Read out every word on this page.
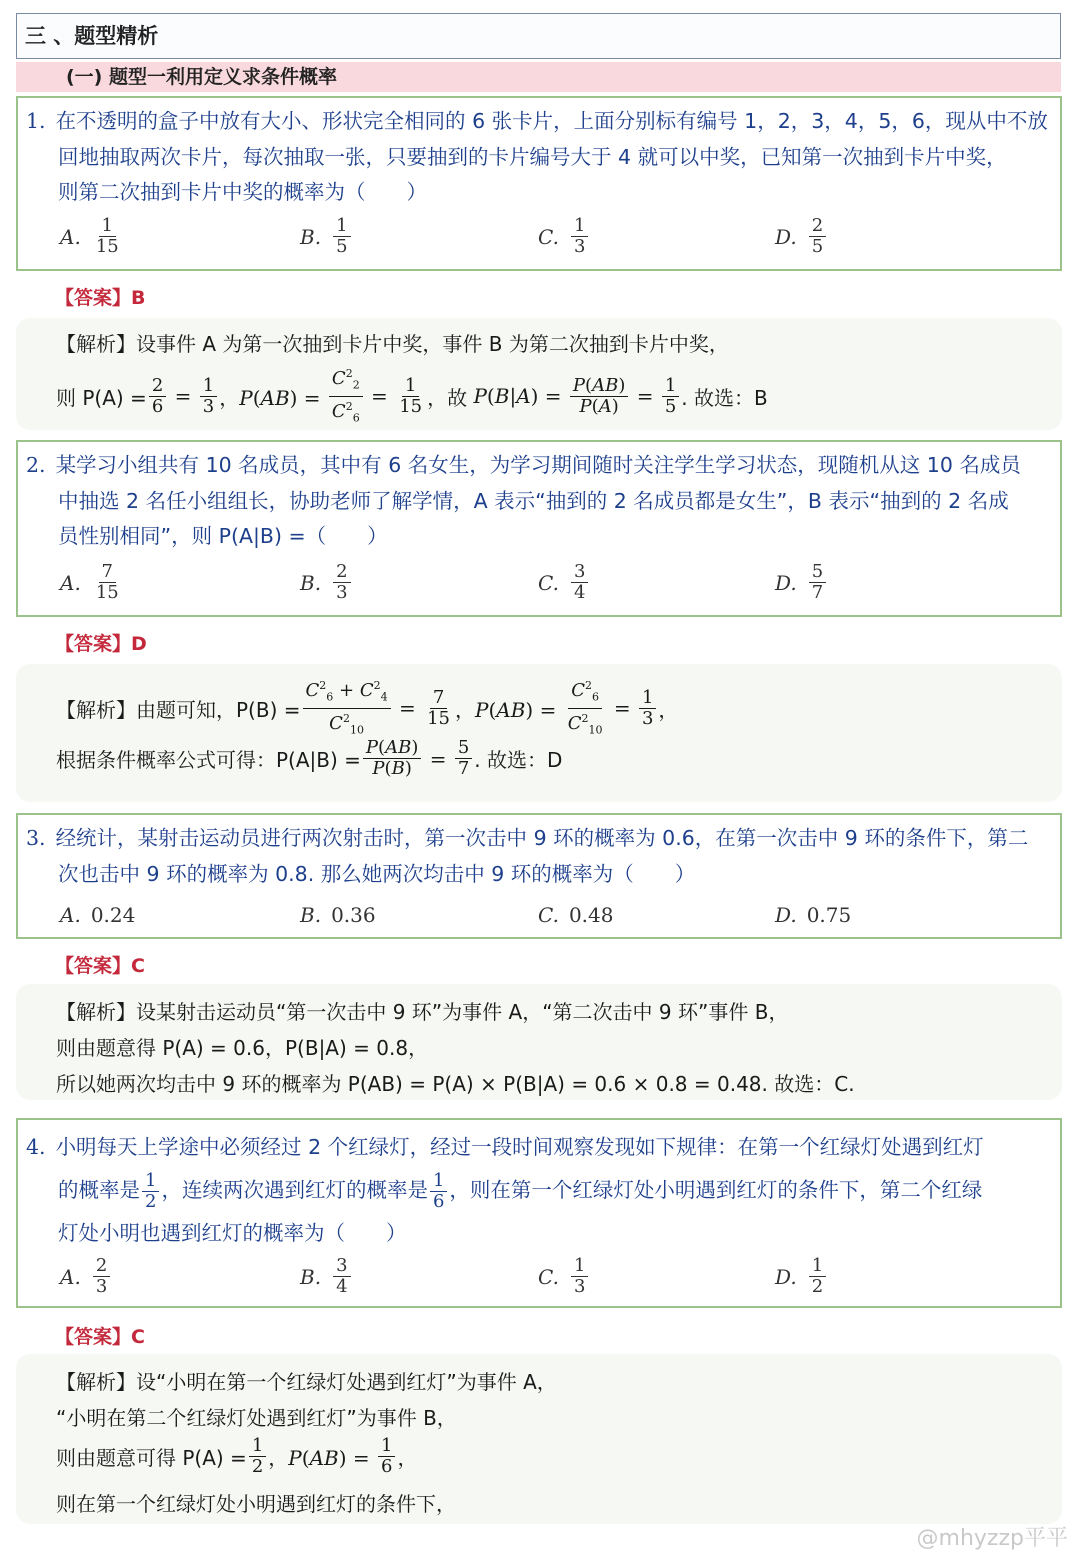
三 、题型精析
(一) 题型一利用定义求条件概率
1. 在不透明的盒子中放有大小、形状完全相同的 6 张卡片，上面分别标有编号 1，2，3，4，5，6，现从中不放
回地抽取两次卡片，每次抽取一张，只要抽到的卡片编号大于 4 就可以中奖，已知第一次抽到卡片中奖，
则第二次抽到卡片中奖的概率为（　　）
A. $\frac{1}{15}$	B. $\frac{1}{5}$	C. $\frac{1}{3}$	D. $\frac{2}{5}$
【答案】B
【解析】设事件 A 为第一次抽到卡片中奖，事件 B 为第二次抽到卡片中奖，
则 $P(A) = \frac{2}{6} = \frac{1}{3}$ ，$P(AB) = \frac{C^2_2}{C^2_6} = \frac{1}{15}$ ，故 $P(B|A) = \frac{P(AB)}{P(A)} = \frac{1}{5}$ . 故选：B
2. 某学习小组共有 10 名成员，其中有 6 名女生，为学习期间随时关注学生学习状态，现随机从这 10 名成员
中抽选 2 名任小组组长，协助老师了解学情，A 表示“抽到的 2 名成员都是女生”，B 表示“抽到的 2 名成
员性别相同”，则 P(A|B) =（　　）
A. $\frac{7}{15}$	B. $\frac{2}{3}$	C. $\frac{3}{4}$	D. $\frac{5}{7}$
【答案】D
【解析】由题可知，$P(B) = \frac{C^2_6 + C^2_4}{C^2_{10}} = \frac{7}{15}$ ，$P(AB) = \frac{C^2_6}{C^2_{10}} = \frac{1}{3}$ ，
根据条件概率公式可得：$P(A|B) = \frac{P(AB)}{P(B)} = \frac{5}{7}$ . 故选：D
3. 经统计，某射击运动员进行两次射击时，第一次击中 9 环的概率为 0.6，在第一次击中 9 环的条件下，第二
次也击中 9 环的概率为 0.8. 那么她两次均击中 9 环的概率为（　　）
A. 0.24	B. 0.36	C. 0.48	D. 0.75
【答案】C
【解析】设某射击运动员“第一次击中 9 环”为事件 A，“第二次击中 9 环”事件 B，
则由题意得 P(A) = 0.6，P(B|A) = 0.8，
所以她两次均击中 9 环的概率为 P(AB) = P(A) × P(B|A) = 0.6 × 0.8 = 0.48. 故选：C.
4. 小明每天上学途中必须经过 2 个红绿灯，经过一段时间观察发现如下规律：在第一个红绿灯处遇到红灯
的概率是 $\frac{1}{2}$ ，连续两次遇到红灯的概率是 $\frac{1}{6}$ ，则在第一个红绿灯处小明遇到红灯的条件下，第二个红绿
灯处小明也遇到红灯的概率为（　　）
A. $\frac{2}{3}$	B. $\frac{3}{4}$	C. $\frac{1}{3}$	D. $\frac{1}{2}$
【答案】C
【解析】设“小明在第一个红绿灯处遇到红灯”为事件 A，
“小明在第二个红绿灯处遇到红灯”为事件 B，
则由题意可得 $P(A) = \frac{1}{2}$ ，$P(AB) = \frac{1}{6}$ ，
则在第一个红绿灯处小明遇到红灯的条件下，
@mhyzzp平平
